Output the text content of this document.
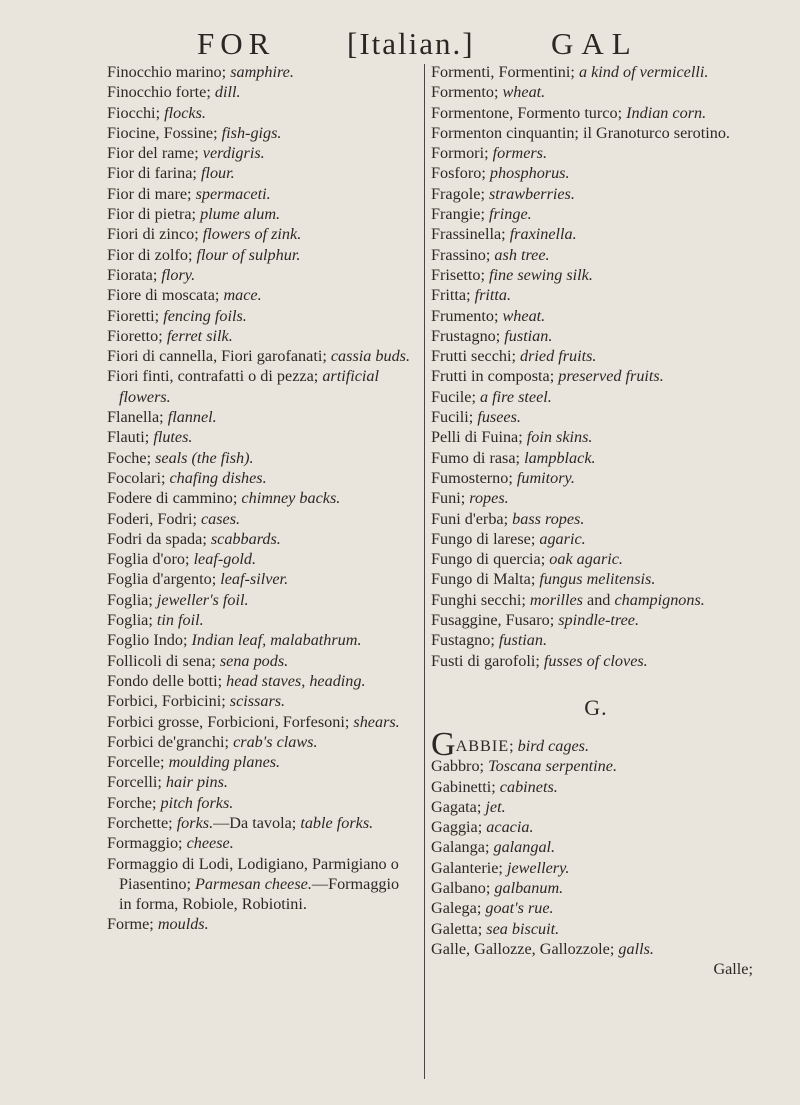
FOR [Italian.] GAL

Finocchio marino; samphire.

Finocchio forte; dill.

Fiocchi; flocks.

Fiocine, Fossine; fish-gigs.

Fior del rame; verdigris.

Fior di farina; flour.

Fior di mare; spermaceti.

Fior di pietra; plume alum.

Fiori di zinco; flowers of zink.

Fior di zolfo; flour of sulphur.

Fiorata; flory.

Fiore di moscata; mace.

Fioretti; fencing foils.

Fioretto; ferret silk.

Fiori di cannella, Fiori garofanati; cassia buds.

Fiori finti, contrafatti o di pezza; artificial flowers.

Flanella; flannel.

Flauti; flutes.

Foche; seals (the fish).

Focolari; chafing dishes.

Fodere di cammino; chimney backs.

Foderi, Fodri; cases.

Fodri da spada; scabbards.

Foglia d'oro; leaf-gold.

Foglia d'argento; leaf-silver.

Foglia; jeweller's foil.

Foglia; tin foil.

Foglio Indo; Indian leaf, malabathrum.

Follicoli di sena; sena pods.

Fondo delle botti; head staves, heading.

Forbici, Forbicini; scissars.

Forbici grosse, Forbicioni, Forfesoni; shears.

Forbici de'granchi; crab's claws.

Forcelle; moulding planes.

Forcelli; hair pins.

Forche; pitch forks.

Forchette; forks.—Da tavola; table forks.

Formaggio; cheese.

Formaggio di Lodi, Lodigiano, Parmigiano o Piasentino; Parmesan cheese.—Formaggio in forma, Robiole, Robiotini.

Forme; moulds.

Formenti, Formentini; a kind of vermicelli.

Formento; wheat.

Formentone, Formento turco; Indian corn.

Formenton cinquantin; il Granoturco serotino.

Formori; formers.

Fosforo; phosphorus.

Fragole; strawberries.

Frangie; fringe.

Frassinella; fraxinella.

Frassino; ash tree.

Frisetto; fine sewing silk.

Fritta; fritta.

Frumento; wheat.

Frustagno; fustian.

Frutti secchi; dried fruits.

Frutti in composta; preserved fruits.

Fucile; a fire steel.

Fucili; fusees.

Pelli di Fuina; foin skins.

Fumo di rasa; lampblack.

Fumosterno; fumitory.

Funi; ropes.

Funi d'erba; bass ropes.

Fungo di larese; agaric.

Fungo di quercia; oak agaric.

Fungo di Malta; fungus melitensis.

Funghi secchi; morilles and champignons.

Fusaggine, Fusaro; spindle-tree.

Fustagno; fustian.

Fusti di garofoli; fusses of cloves.

G.

GABBIE; bird cages.

Gabbro; Toscana serpentine.

Gabinetti; cabinets.

Gagata; jet.

Gaggia; acacia.

Galanga; galangal.

Galanterie; jewellery.

Galbano; galbanum.

Galega; goat's rue.

Galetta; sea biscuit.

Galle, Gallozze, Gallozzole; galls.

Galle;
